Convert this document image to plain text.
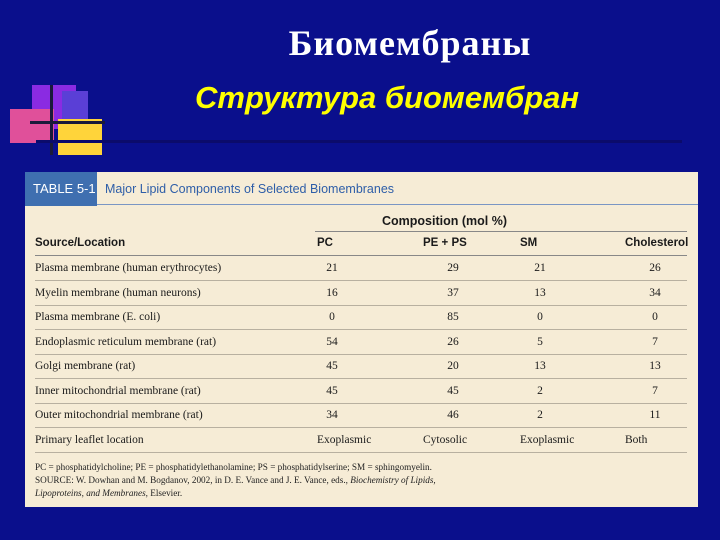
Биомембраны
Структура биомембран
TABLE 5-1 Major Lipid Components of Selected Biomembranes
Composition (mol %)
Source/Location	PC	PE + PS	SM	Cholesterol
Plasma membrane (human erythrocytes)	21	29	21	26
Myelin membrane (human neurons)	16	37	13	34
Plasma membrane (E. coli)	0	85	0	0
Endoplasmic reticulum membrane (rat)	54	26	5	7
Golgi membrane (rat)	45	20	13	13
Inner mitochondrial membrane (rat)	45	45	2	7
Outer mitochondrial membrane (rat)	34	46	2	11
Primary leaflet location	Exoplasmic	Cytosolic	Exoplasmic	Both
PC = phosphatidylcholine; PE = phosphatidylethanolamine; PS = phosphatidylserine; SM = sphingomyelin.
SOURCE: W. Dowhan and M. Bogdanov, 2002, in D. E. Vance and J. E. Vance, eds., Biochemistry of Lipids,
Lipoproteins, and Membranes, Elsevier.
